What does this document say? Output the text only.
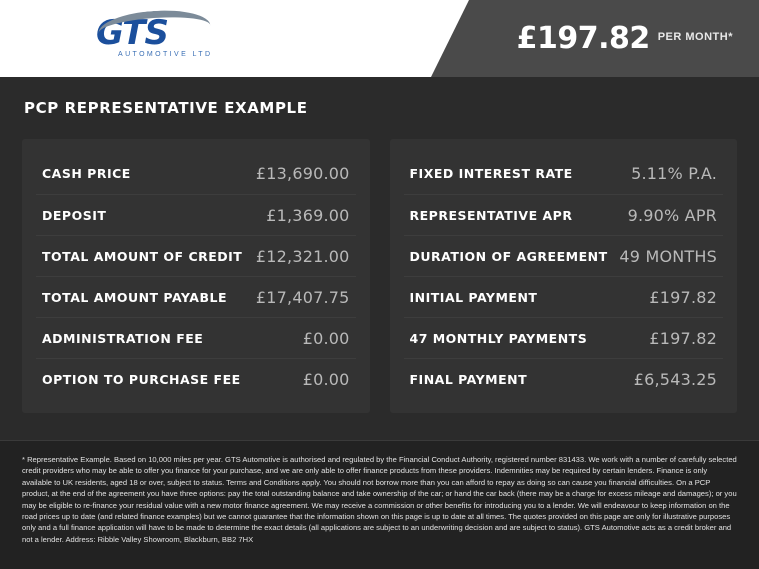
GTS
AUTOMOTIVE LTD	£197.82 PER MONTH*
PCP REPRESENTATIVE EXAMPLE
CASH PRICE	£13,690.00
DEPOSIT	£1,369.00
TOTAL AMOUNT OF CREDIT £12,321.00
TOTAL AMOUNT PAYABLE £17,407.75
ADMINISTRATION FEE	£0.00
OPTION TO PURCHASE FEE	£0.00
FIXED INTEREST RATE	5.11% P.A.
REPRESENTATIVE APR	9.90% APR
DURATION OF AGREEMENT 49 MONTHS
INITIAL PAYMENT	£197.82
47 MONTHLY PAYMENTS	£197.82
FINAL PAYMENT	£6,543.25

* Representative Example. Based on 10,000 miles per year. GTS Automotive is authorised and regulated by the Financial Conduct Authority, registered number 831433. We work with a number of carefully selected credit providers who may be able to offer you finance for your purchase, and we are only able to offer finance products from these providers. Indemnities may be required by certain lenders. Finance is only available to UK residents, aged 18 or over, subject to status. Terms and Conditions apply. You should not borrow more than you can afford to repay as doing so can cause you financial difficulties. On a PCP product, at the end of the agreement you have three options: pay the total outstanding balance and take ownership of the car; or hand the car back (there may be a charge for excess mileage and damages); or you may be eligible to re-finance your residual value with a new motor finance agreement. We may receive a commission or other benefits for introducing you to a lender. We will endeavour to keep information on the road prices up to date (and related finance examples) but we cannot guarantee that the information shown on this page is up to date at all times. The quotes provided on this page are only for illustrative purposes only and a full finance application will have to be made to determine the exact details (all applications are subject to an underwriting decision and are subject to status). GTS Automotive acts as a credit broker and not a lender. Address: Ribble Valley Showroom, Blackburn, BB2 7HX
